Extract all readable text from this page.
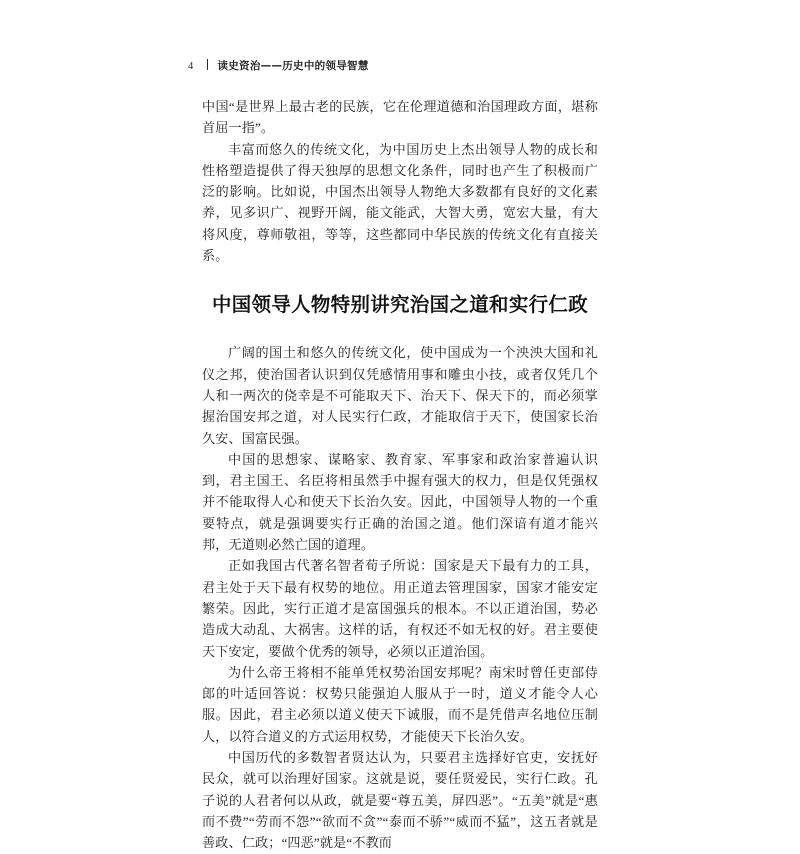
4 读史资治——历史中的领导智慧

中国“是世界上最古老的民族，它在伦理道德和治国理政方面，堪称首屈一指”。

丰富而悠久的传统文化，为中国历史上杰出领导人物的成长和性格塑造提供了得天独厚的思想文化条件，同时也产生了积极而广泛的影响。比如说，中国杰出领导人物绝大多数都有良好的文化素养，见多识广、视野开阔，能文能武，大智大勇，宽宏大量，有大将风度，尊师敬祖，等等，这些都同中华民族的传统文化有直接关系。

中国领导人物特别讲究治国之道和实行仁政

广阔的国土和悠久的传统文化，使中国成为一个泱泱大国和礼仪之邦，使治国者认识到仅凭感情用事和雕虫小技，或者仅凭几个人和一两次的侥幸是不可能取天下、治天下、保天下的，而必须掌握治国安邦之道，对人民实行仁政，才能取信于天下，使国家长治久安、国富民强。

中国的思想家、谋略家、教育家、军事家和政治家普遍认识到，君主国王、名臣将相虽然手中握有强大的权力，但是仅凭强权并不能取得人心和使天下长治久安。因此，中国领导人物的一个重要特点，就是强调要实行正确的治国之道。他们深谙有道才能兴邦，无道则必然亡国的道理。

正如我国古代著名智者荀子所说：国家是天下最有力的工具，君主处于天下最有权势的地位。用正道去管理国家，国家才能安定繁荣。因此，实行正道才是富国强兵的根本。不以正道治国，势必造成大动乱、大祸害。这样的话，有权还不如无权的好。君主要使天下安定，要做个优秀的领导，必须以正道治国。

为什么帝王将相不能单凭权势治国安邦呢？南宋时曾任吏部侍郎的叶适回答说：权势只能强迫人服从于一时，道义才能令人心服。因此，君主必须以道义使天下诚服，而不是凭借声名地位压制人，以符合道义的方式运用权势，才能使天下长治久安。

中国历代的多数智者贤达认为，只要君主选择好官吏，安抚好民众，就可以治理好国家。这就是说，要任贤爱民，实行仁政。孔子说的人君者何以从政，就是要“尊五美，屏四恶”。“五美”就是“惠而不费”“劳而不怨”“欲而不贪”“泰而不骄”“威而不猛”，这五者就是善政、仁政；“四恶”就是“不教而
